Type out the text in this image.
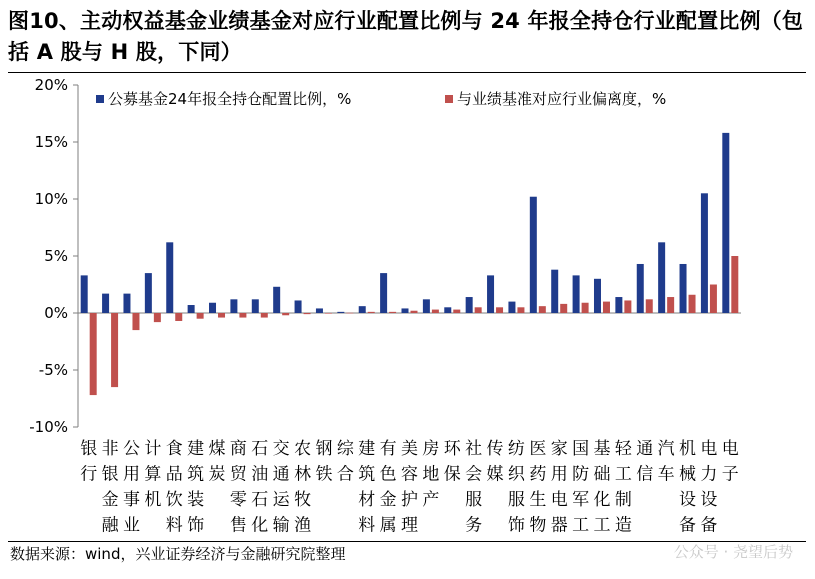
图10、主动权益基金业绩基金对应行业配置比例与 24 年报全持仓行业配置比例（包括 A 股与 H 股，下同）
-10%
-5%
0%
5%
10%
15%
20%
银
行
非
银
金
融
公
用
事
业
计
算
机
食
品
饮
料
建
筑
装
饰
煤
炭
商
贸
零
售
石
油
石
化
交
通
运
输
农
林
牧
渔
钢
铁
综
合
建
筑
材
料
有
色
金
属
美
容
护
理
房
地
产
环
保
社
会
服
务
传
媒
纺
织
服
饰
医
药
生
物
家
用
电
器
国
防
军
工
基
础
化
工
轻
工
制
造
通
信
汽
车
机
械
设
备
电
力
设
备
电
子
公募基金24年报全持仓配置比例，%	与业绩基准对应行业偏离度，%
数据来源：wind，兴业证券经济与金融研究院整理	公众号 · 尧望后势
